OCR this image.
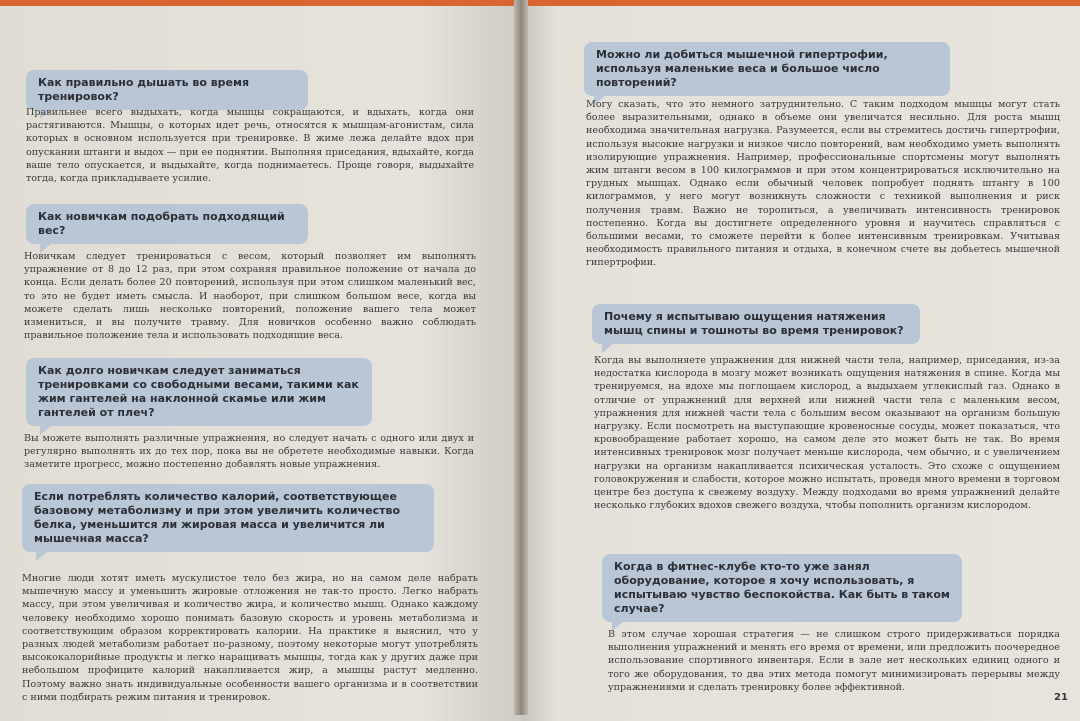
Как правильно дышать во время тренировок?

Правильнее всего выдыхать, когда мышцы сокращаются, и вдыхать, когда они растягиваются. Мышцы, о которых идет речь, относятся к мышцам-агонистам, сила которых в основном используется при тренировке. В жиме лежа делайте вдох при опускании штанги и выдох — при ее поднятии. Выполняя приседания, вдыхайте, когда ваше тело опускается, и выдыхайте, когда поднимаетесь. Проще говоря, выдыхайте тогда, когда прикладываете усилие.

Как новичкам подобрать подходящий вес?

Новичкам следует тренироваться с весом, который позволяет им выполнять упражнение от 8 до 12 раз, при этом сохраняя правильное положение от начала до конца. Если делать более 20 повторений, используя при этом слишком маленький вес, то это не будет иметь смысла. И наоборот, при слишком большом весе, когда вы можете сделать лишь несколько повторений, положение вашего тела может измениться, и вы получите травму. Для новичков особенно важно соблюдать правильное положение тела и использовать подходящие веса.

Как долго новичкам следует заниматься тренировками со свободными весами, такими как жим гантелей на наклонной скамье или жим гантелей от плеч?

Вы можете выполнять различные упражнения, но следует начать с одного или двух и регулярно выполнять их до тех пор, пока вы не обретете необходимые навыки. Когда заметите прогресс, можно постепенно добавлять новые упражнения.

Если потреблять количество калорий, соответствующее базовому метаболизму и при этом увеличить количество белка, уменьшится ли жировая масса и увеличится ли мышечная масса?

Многие люди хотят иметь мускулистое тело без жира, но на самом деле набрать мышечную массу и уменьшить жировые отложения не так-то просто. Легко набрать массу, при этом увеличивая и количество жира, и количество мышц. Однако каждому человеку необходимо хорошо понимать базовую скорость и уровень метаболизма и соответствующим образом корректировать калории. На практике я выяснил, что у разных людей метаболизм работает по-разному, поэтому некоторые могут употреблять высококалорийные продукты и легко наращивать мышцы, тогда как у других даже при небольшом профиците калорий накапливается жир, а мышцы растут медленно. Поэтому важно знать индивидуальные особенности вашего организма и в соответствии с ними подбирать режим питания и тренировок.

Можно ли добиться мышечной гипертрофии, используя маленькие веса и большое число повторений?

Могу сказать, что это немного затруднительно. С таким подходом мышцы могут стать более выразительными, однако в объеме они увеличатся несильно. Для роста мышц необходима значительная нагрузка. Разумеется, если вы стремитесь достичь гипертрофии, используя высокие нагрузки и низкое число повторений, вам необходимо уметь выполнять изолирующие упражнения. Например, профессиональные спортсмены могут выполнять жим штанги весом в 100 килограммов и при этом концентрироваться исключительно на грудных мышцах. Однако если обычный человек попробует поднять штангу в 100 килограммов, у него могут возникнуть сложности с техникой выполнения и риск получения травм. Важно не торопиться, а увеличивать интенсивность тренировок постепенно. Когда вы достигнете определенного уровня и научитесь справляться с большими весами, то сможете перейти к более интенсивным тренировкам. Учитывая необходимость правильного питания и отдыха, в конечном счете вы добьетесь мышечной гипертрофии.

Почему я испытываю ощущения натяжения мышц спины и тошноты во время тренировок?

Когда вы выполняете упражнения для нижней части тела, например, приседания, из-за недостатка кислорода в мозгу может возникать ощущения натяжения в спине. Когда мы тренируемся, на вдохе мы поглощаем кислород, а выдыхаем углекислый газ. Однако в отличие от упражнений для верхней или нижней части тела с маленьким весом, упражнения для нижней части тела с большим весом оказывают на организм большую нагрузку. Если посмотреть на выступающие кровеносные сосуды, может показаться, что кровообращение работает хорошо, на самом деле это может быть не так. Во время интенсивных тренировок мозг получает меньше кислорода, чем обычно, и с увеличением нагрузки на организм накапливается психическая усталость. Это схоже с ощущением головокружения и слабости, которое можно испытать, проведя много времени в торговом центре без доступа к свежему воздуху. Между подходами во время упражнений делайте несколько глубоких вдохов свежего воздуха, чтобы пополнить организм кислородом.

Когда в фитнес-клубе кто-то уже занял оборудование, которое я хочу использовать, я испытываю чувство беспокойства. Как быть в таком случае?

В этом случае хорошая стратегия — не слишком строго придерживаться порядка выполнения упражнений и менять его время от времени, или предложить поочередное использование спортивного инвентаря. Если в зале нет нескольких единиц одного и того же оборудования, то два этих метода помогут минимизировать перерывы между упражнениями и сделать тренировку более эффективной.

21
